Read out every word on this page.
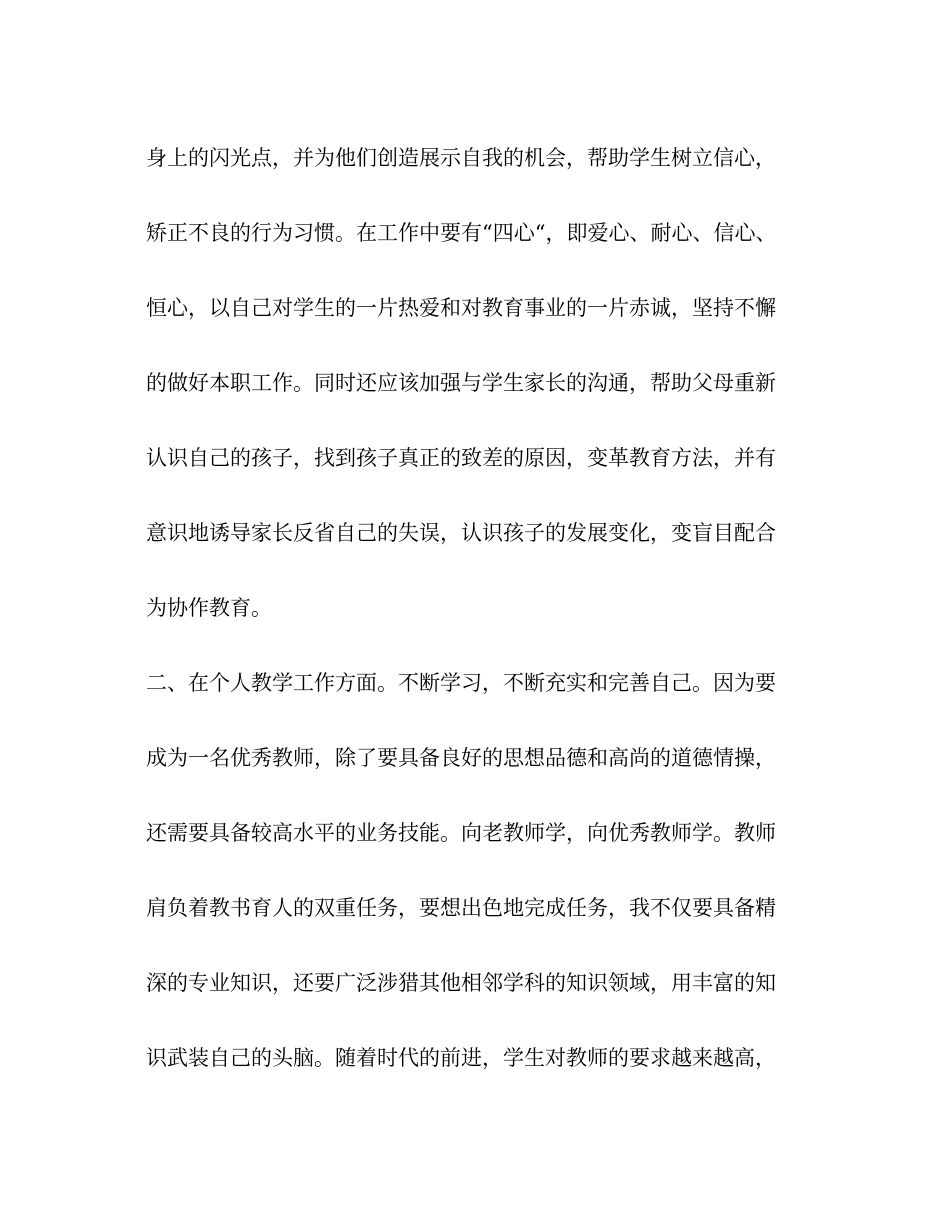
身上的闪光点，并为他们创造展示自我的机会，帮助学生树立信心，
矫正不良的行为习惯。在工作中要有“四心“，即爱心、耐心、信心、
恒心，以自己对学生的一片热爱和对教育事业的一片赤诚，坚持不懈
的做好本职工作。同时还应该加强与学生家长的沟通，帮助父母重新
认识自己的孩子，找到孩子真正的致差的原因，变革教育方法，并有
意识地诱导家长反省自己的失误，认识孩子的发展变化，变盲目配合
为协作教育。
二、在个人教学工作方面。不断学习，不断充实和完善自己。因为要
成为一名优秀教师，除了要具备良好的思想品德和高尚的道德情操，
还需要具备较高水平的业务技能。向老教师学，向优秀教师学。教师
肩负着教书育人的双重任务，要想出色地完成任务，我不仅要具备精
深的专业知识，还要广泛涉猎其他相邻学科的知识领域，用丰富的知
识武装自己的头脑。随着时代的前进，学生对教师的要求越来越高，
